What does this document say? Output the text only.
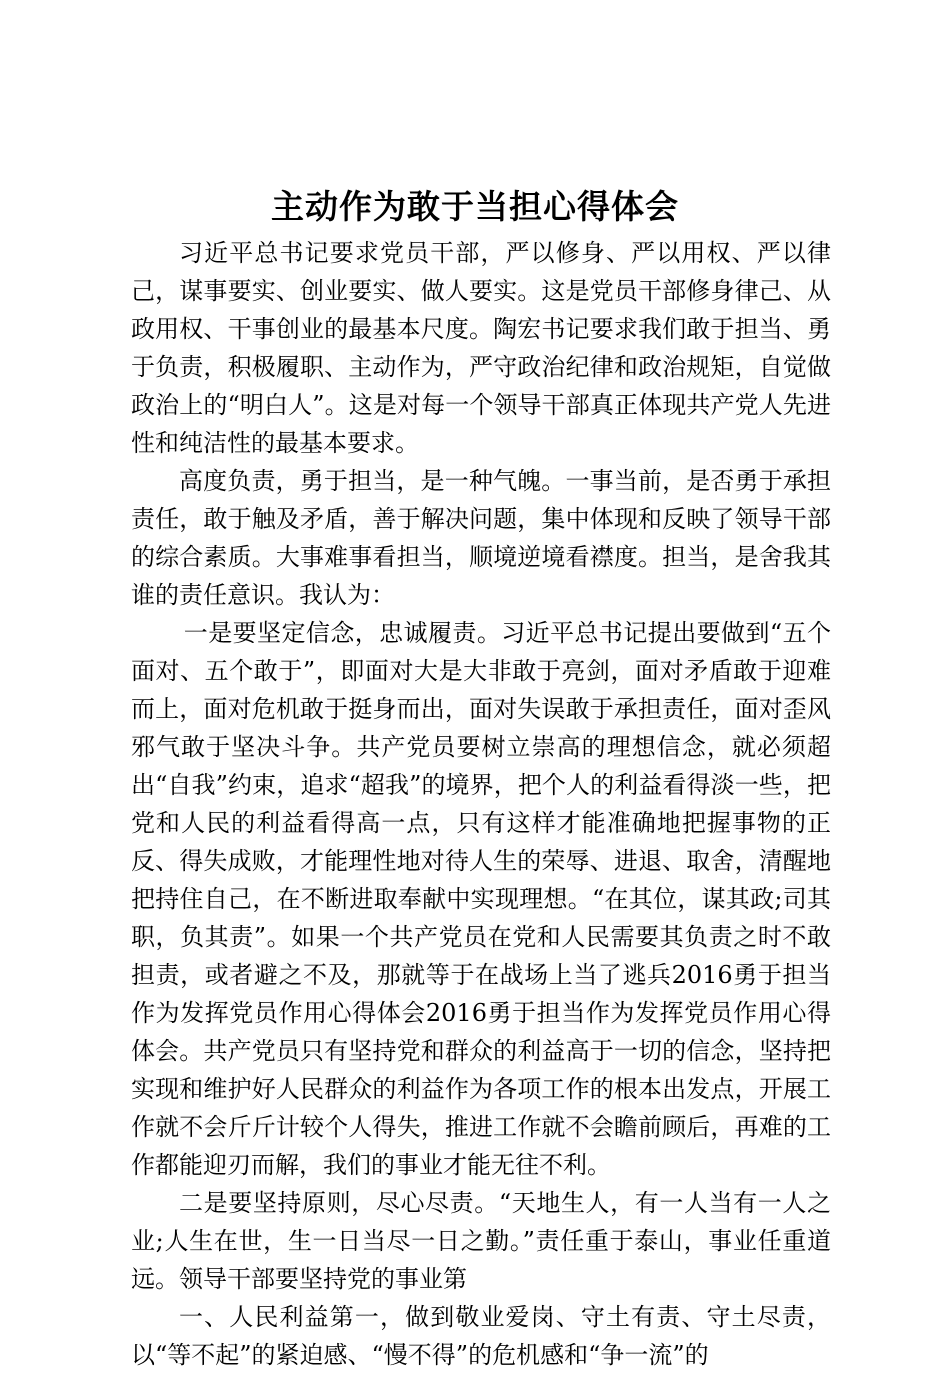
主动作为敢于当担心得体会

习近平总书记要求党员干部，严以修身、严以用权、严以律己，谋事要实、创业要实、做人要实。这是党员干部修身律己、从政用权、干事创业的最基本尺度。陶宏书记要求我们敢于担当、勇于负责，积极履职、主动作为，严守政治纪律和政治规矩，自觉做政治上的“明白人”。这是对每一个领导干部真正体现共产党人先进性和纯洁性的最基本要求。

高度负责，勇于担当，是一种气魄。一事当前，是否勇于承担责任，敢于触及矛盾，善于解决问题，集中体现和反映了领导干部的综合素质。大事难事看担当，顺境逆境看襟度。担当，是舍我其谁的责任意识。我认为：

一是要坚定信念，忠诚履责。习近平总书记提出要做到“五个面对、五个敢于”，即面对大是大非敢于亮剑，面对矛盾敢于迎难而上，面对危机敢于挺身而出，面对失误敢于承担责任，面对歪风邪气敢于坚决斗争。共产党员要树立崇高的理想信念，就必须超出“自我”约束，追求“超我”的境界，把个人的利益看得淡一些，把党和人民的利益看得高一点，只有这样才能准确地把握事物的正反、得失成败，才能理性地对待人生的荣辱、进退、取舍，清醒地把持住自己，在不断进取奉献中实现理想。“在其位，谋其政;司其职，负其责”。如果一个共产党员在党和人民需要其负责之时不敢担责，或者避之不及，那就等于在战场上当了逃兵2016勇于担当作为发挥党员作用心得体会2016勇于担当作为发挥党员作用心得体会。共产党员只有坚持党和群众的利益高于一切的信念，坚持把实现和维护好人民群众的利益作为各项工作的根本出发点，开展工作就不会斤斤计较个人得失，推进工作就不会瞻前顾后，再难的工作都能迎刃而解，我们的事业才能无往不利。

二是要坚持原则，尽心尽责。“天地生人，有一人当有一人之业;人生在世，生一日当尽一日之勤。”责任重于泰山，事业任重道远。领导干部要坚持党的事业第

一、人民利益第一，做到敬业爱岗、守土有责、守土尽责，以“等不起”的紧迫感、“慢不得”的危机感和“争一流”的
